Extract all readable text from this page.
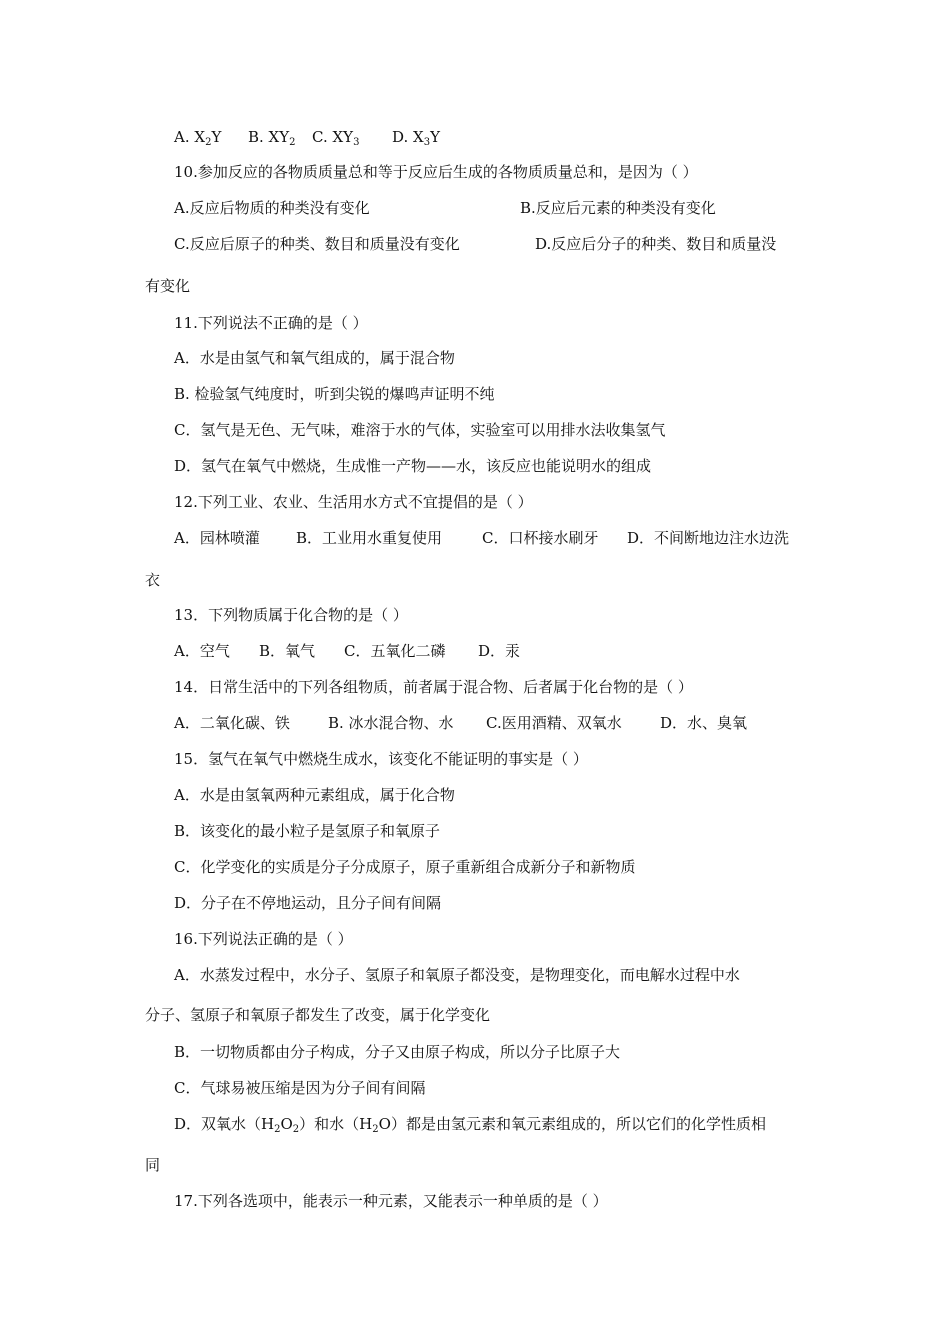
A. $X_2Y$ B. $XY_2$ C. $XY_3$ D. $X_3Y$
10.参加反应的各物质质量总和等于反应后生成的各物质质量总和，是因为（ ）
A.反应后物质的种类没有变化	B.反应后元素的种类没有变化
C.反应后原子的种类、数目和质量没有变化	D.反应后分子的种类、数目和质量没
有变化
11.下列说法不正确的是（ ）
A．水是由氢气和氧气组成的，属于混合物
B. 检验氢气纯度时，听到尖锐的爆鸣声证明不纯
C．氢气是无色、无气味，难溶于水的气体，实验室可以用排水法收集氢气
D．氢气在氧气中燃烧，生成惟一产物——水，该反应也能说明水的组成
12.下列工业、农业、生活用水方式不宜提倡的是（ ）
A．园林喷灌 B．工业用水重复使用	C．口杯接水刷牙 D．不间断地边注水边洗
衣
13．下列物质属于化合物的是（ ）
A．空气 B．氧气 C．五氧化二磷 D．汞
14．日常生活中的下列各组物质，前者属于混合物、后者属于化台物的是（ ）
A．二氧化碳、铁	B. 冰水混合物、水 C.医用酒精、双氧水	D．水、臭氧
15．氢气在氧气中燃烧生成水，该变化不能证明的事实是（ ）
A．水是由氢氧两种元素组成，属于化合物
B．该变化的最小粒子是氢原子和氧原子
C．化学变化的实质是分子分成原子，原子重新组合成新分子和新物质
D．分子在不停地运动，且分子间有间隔
16.下列说法正确的是（ ）
A．水蒸发过程中，水分子、氢原子和氧原子都没变，是物理变化，而电解水过程中水
分子、氢原子和氧原子都发生了改变，属于化学变化
B．一切物质都由分子构成，分子又由原子构成，所以分子比原子大
C．气球易被压缩是因为分子间有间隔
D．双氧水$(H_2O_2)$和水$(H_2O)$都是由氢元素和氧元素组成的，所以它们的化学性质相
同
17.下列各选项中，能表示一种元素，又能表示一种单质的是（ ）
